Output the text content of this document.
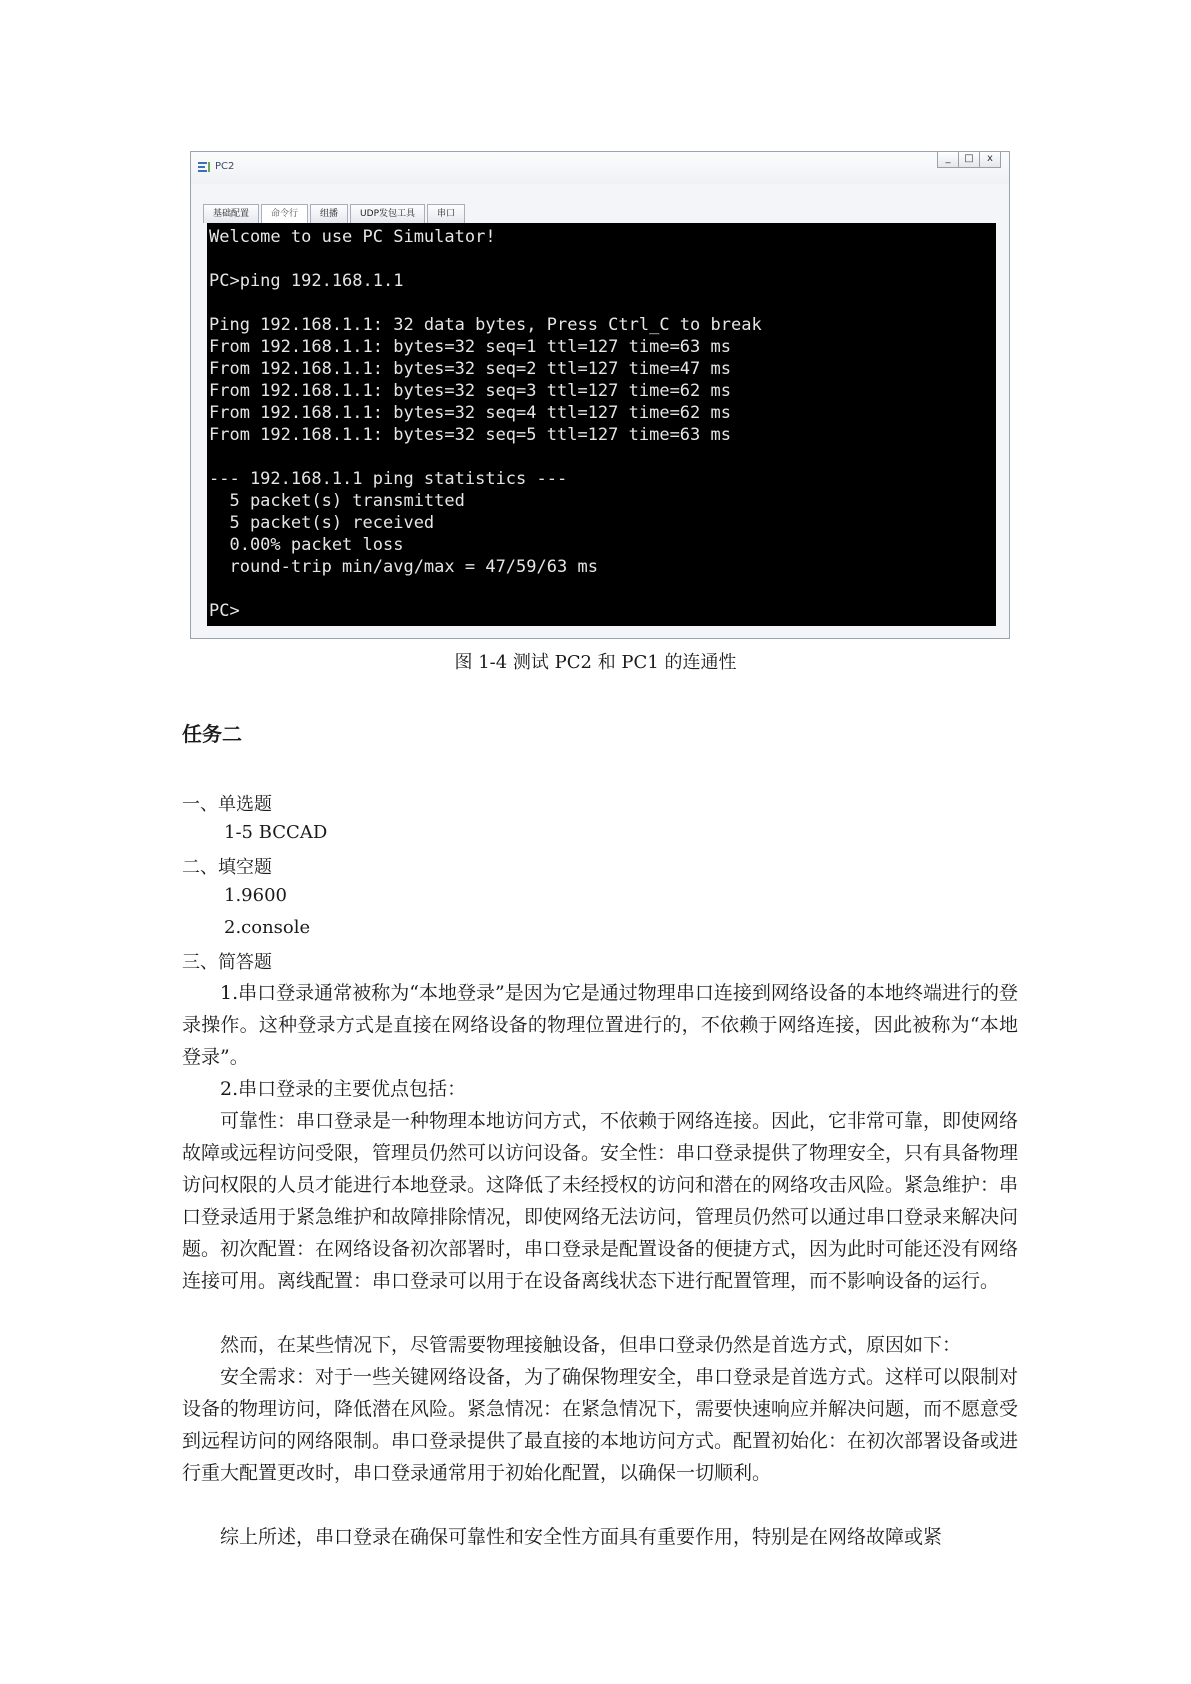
PC2
_	□	x
基础配置	命令行	组播	UDP发包工具	串口
Welcome to use PC Simulator!
PC>ping 192.168.1.1
Ping 192.168.1.1: 32 data bytes, Press Ctrl_C to break
From 192.168.1.1: bytes=32 seq=1 ttl=127 time=63 ms
From 192.168.1.1: bytes=32 seq=2 ttl=127 time=47 ms
From 192.168.1.1: bytes=32 seq=3 ttl=127 time=62 ms
From 192.168.1.1: bytes=32 seq=4 ttl=127 time=62 ms
From 192.168.1.1: bytes=32 seq=5 ttl=127 time=63 ms
--- 192.168.1.1 ping statistics ---
5 packet(s) transmitted
5 packet(s) received
0.00% packet loss
round-trip min/avg/max = 47/59/63 ms
PC>
图 1-4 测试 PC2 和 PC1 的连通性
任务二
一、单选题
1-5 BCCAD
二、填空题
1.9600
2.console
三、简答题

1.串口登录通常被称为“本地登录”是因为它是通过物理串口连接到网络设备的本地终端进行的登录操作。这种登录方式是直接在网络设备的物理位置进行的，不依赖于网络连接，因此被称为“本地登录”。

2.串口登录的主要优点包括：

可靠性：串口登录是一种物理本地访问方式，不依赖于网络连接。因此，它非常可靠，即使网络故障或远程访问受限，管理员仍然可以访问设备。安全性：串口登录提供了物理安全，只有具备物理访问权限的人员才能进行本地登录。这降低了未经授权的访问和潜在的网络攻击风险。紧急维护：串口登录适用于紧急维护和故障排除情况，即使网络无法访问，管理员仍然可以通过串口登录来解决问题。初次配置：在网络设备初次部署时，串口登录是配置设备的便捷方式，因为此时可能还没有网络连接可用。离线配置：串口登录可以用于在设备离线状态下进行配置管理，而不影响设备的运行。

然而，在某些情况下，尽管需要物理接触设备，但串口登录仍然是首选方式，原因如下：

安全需求：对于一些关键网络设备，为了确保物理安全，串口登录是首选方式。这样可以限制对设备的物理访问，降低潜在风险。紧急情况：在紧急情况下，需要快速响应并解决问题，而不愿意受到远程访问的网络限制。串口登录提供了最直接的本地访问方式。配置初始化：在初次部署设备或进行重大配置更改时，串口登录通常用于初始化配置，以确保一切顺利。

综上所述，串口登录在确保可靠性和安全性方面具有重要作用，特别是在网络故障或紧
